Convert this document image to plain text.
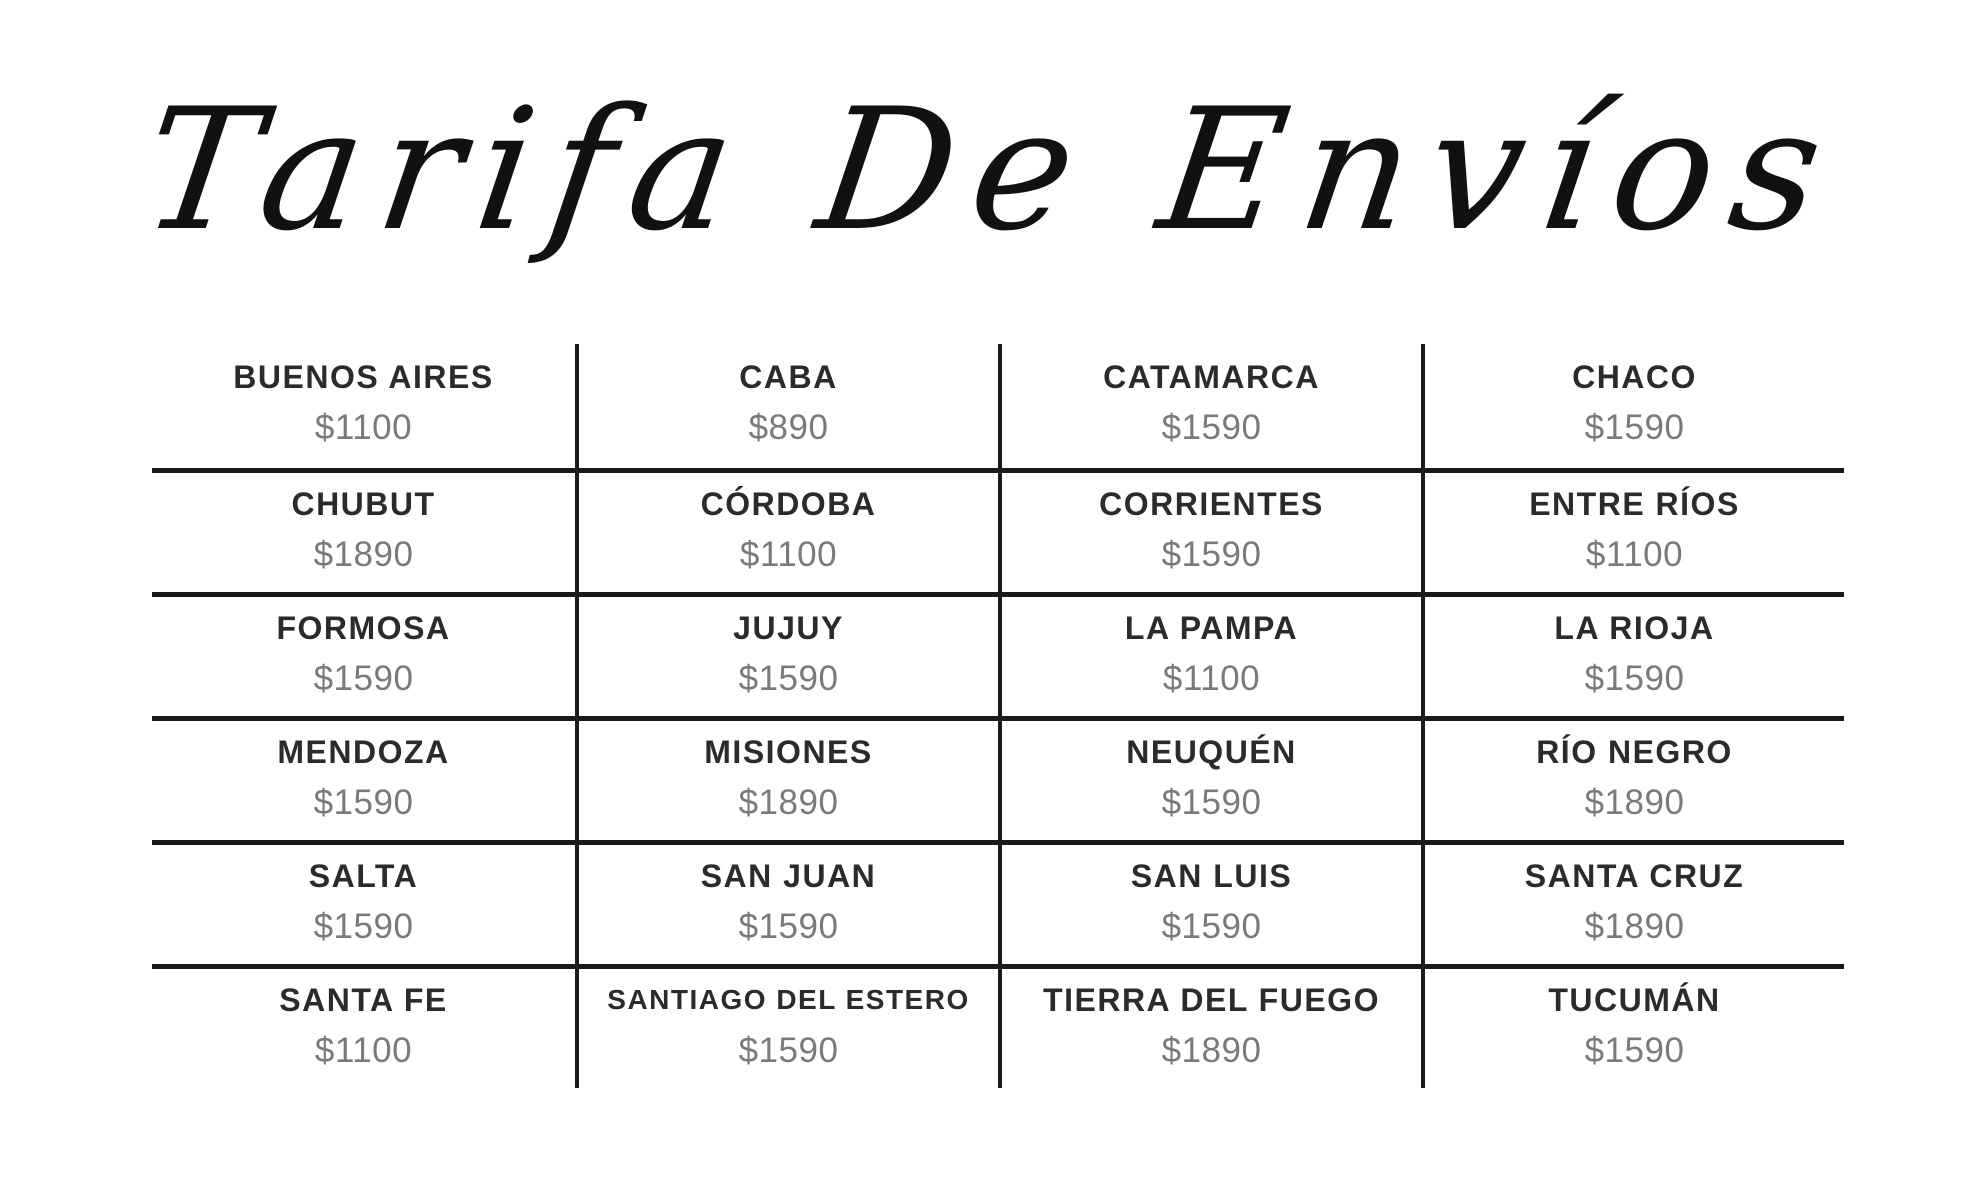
Tarifa De Envíos
BUENOS AIRES
$1100
CABA
$890
CATAMARCA
$1590
CHACO
$1590
CHUBUT
$1890
CÓRDOBA
$1100
CORRIENTES
$1590
ENTRE RÍOS
$1100
FORMOSA
$1590
JUJUY
$1590
LA PAMPA
$1100
LA RIOJA
$1590
MENDOZA
$1590
MISIONES
$1890
NEUQUÉN
$1590
RÍO NEGRO
$1890
SALTA
$1590
SAN JUAN
$1590
SAN LUIS
$1590
SANTA CRUZ
$1890
SANTA FE
$1100
SANTIAGO DEL ESTERO
$1590
TIERRA DEL FUEGO
$1890
TUCUMÁN
$1590
